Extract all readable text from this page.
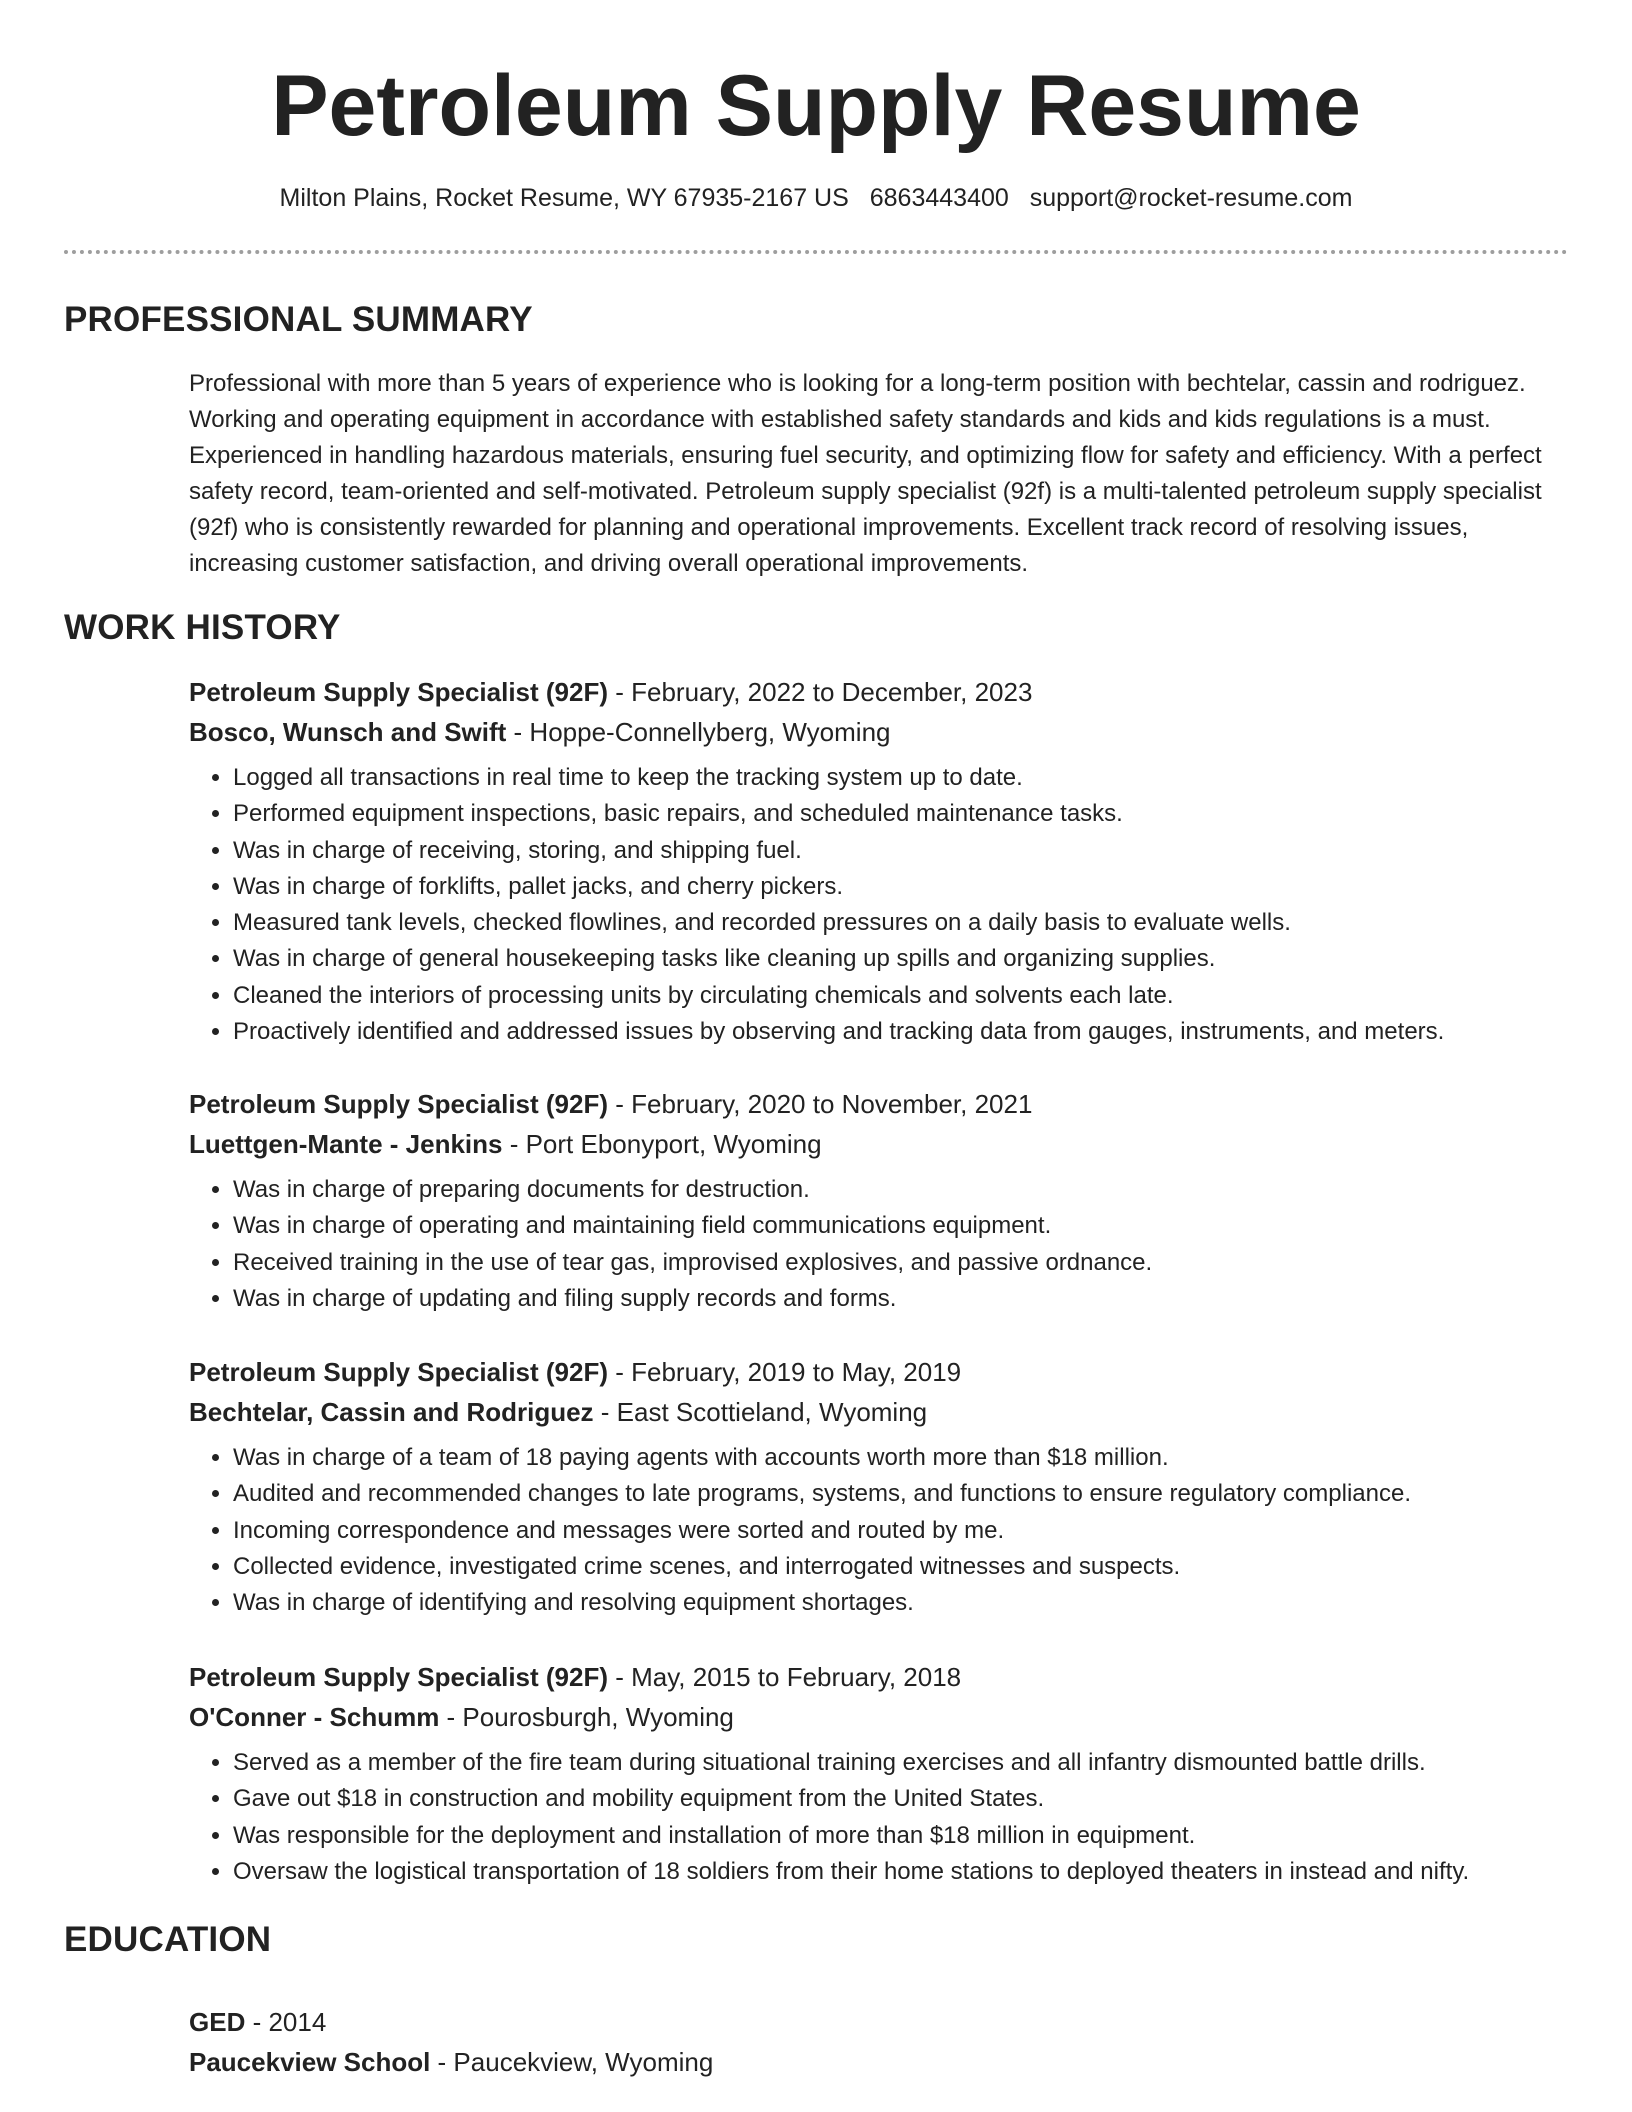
Petroleum Supply Resume
Milton Plains, Rocket Resume, WY 67935-2167 US 6863443400 support@rocket-resume.com
PROFESSIONAL SUMMARY

Professional with more than 5 years of experience who is looking for a long-term position with bechtelar, cassin and rodriguez. Working and operating equipment in accordance with established safety standards and kids and kids regulations is a must. Experienced in handling hazardous materials, ensuring fuel security, and optimizing flow for safety and efficiency. With a perfect safety record, team-oriented and self-motivated. Petroleum supply specialist (92f) is a multi-talented petroleum supply specialist (92f) who is consistently rewarded for planning and operational improvements. Excellent track record of resolving issues, increasing customer satisfaction, and driving overall operational improvements.

WORK HISTORY
Petroleum Supply Specialist (92F) - February, 2022 to December, 2023
Bosco, Wunsch and Swift - Hoppe-Connellyberg, Wyoming
• Logged all transactions in real time to keep the tracking system up to date.
• Performed equipment inspections, basic repairs, and scheduled maintenance tasks.
• Was in charge of receiving, storing, and shipping fuel.
• Was in charge of forklifts, pallet jacks, and cherry pickers.
• Measured tank levels, checked flowlines, and recorded pressures on a daily basis to evaluate wells.
• Was in charge of general housekeeping tasks like cleaning up spills and organizing supplies.
• Cleaned the interiors of processing units by circulating chemicals and solvents each late.
• Proactively identified and addressed issues by observing and tracking data from gauges, instruments, and meters.
Petroleum Supply Specialist (92F) - February, 2020 to November, 2021
Luettgen-Mante - Jenkins - Port Ebonyport, Wyoming
• Was in charge of preparing documents for destruction.
• Was in charge of operating and maintaining field communications equipment.
• Received training in the use of tear gas, improvised explosives, and passive ordnance.
• Was in charge of updating and filing supply records and forms.
Petroleum Supply Specialist (92F) - February, 2019 to May, 2019
Bechtelar, Cassin and Rodriguez - East Scottieland, Wyoming
• Was in charge of a team of 18 paying agents with accounts worth more than $18 million.
• Audited and recommended changes to late programs, systems, and functions to ensure regulatory compliance.
• Incoming correspondence and messages were sorted and routed by me.
• Collected evidence, investigated crime scenes, and interrogated witnesses and suspects.
• Was in charge of identifying and resolving equipment shortages.
Petroleum Supply Specialist (92F) - May, 2015 to February, 2018
O'Conner - Schumm - Pourosburgh, Wyoming
• Served as a member of the fire team during situational training exercises and all infantry dismounted battle drills.
• Gave out $18 in construction and mobility equipment from the United States.
• Was responsible for the deployment and installation of more than $18 million in equipment.
• Oversaw the logistical transportation of 18 soldiers from their home stations to deployed theaters in instead and nifty.
EDUCATION
GED - 2014
Paucekview School - Paucekview, Wyoming
